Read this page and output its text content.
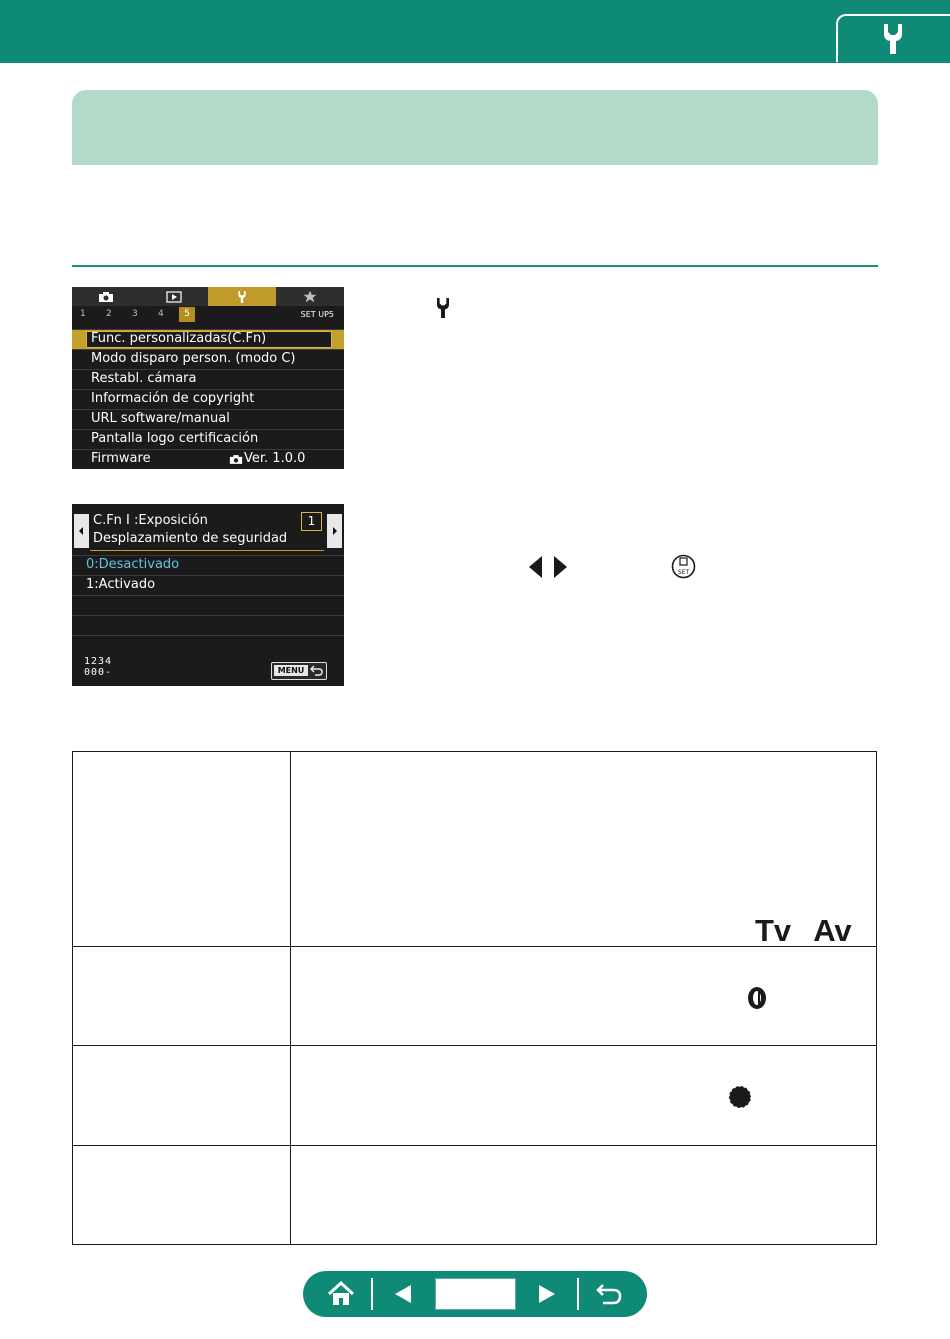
1 2 3 4	5	SET UP5
Func. personalizadas(C.Fn)
Modo disparo person. (modo C)
Restabl. cámara
Información de copyright
URL software/manual
Pantalla logo certificación
Firmware	Ver. 1.0.0
C.Fn I :Exposición
Desplazamiento de seguridad
1
0:Desactivado
1:Activado
1234
000-	MENU
SET
Tv Av
